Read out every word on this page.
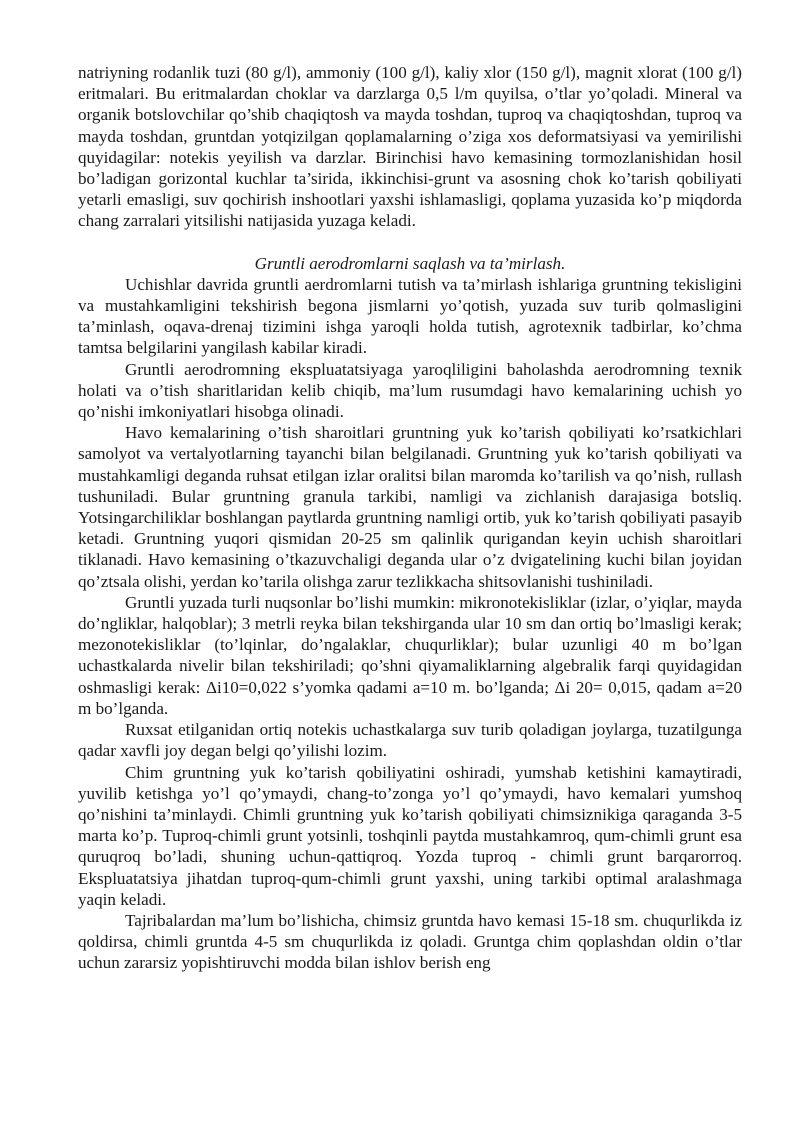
natriyning rodanlik tuzi (80 g/l), ammoniy (100 g/l), kaliy xlor (150 g/l), magnit xlorat (100 g/l) eritmalari. Bu eritmalardan choklar va darzlarga 0,5 l/m quyilsa, o’tlar yo’qoladi. Mineral va organik botslovchilar qo’shib chaqiqtosh va mayda toshdan, tuproq va chaqiqtoshdan, tuproq va mayda toshdan, gruntdan yotqizilgan qoplamalarning o’ziga xos deformatsiyasi va yemirilishi quyidagilar: notekis yeyilish va darzlar. Birinchisi havo kemasining tormozlanishidan hosil bo’ladigan gorizontal kuchlar ta’sirida, ikkinchisi-grunt va asosning chok ko’tarish qobiliyati yetarli emasligi, suv qochirish inshootlari yaxshi ishlamasligi, qoplama yuzasida ko’p miqdorda chang zarralari yitsilishi natijasida yuzaga keladi.

Gruntli aerodromlarni saqlash va ta’mirlash.

Uchishlar davrida gruntli aerdromlarni tutish va ta’mirlash ishlariga gruntning tekisligini va mustahkamligini tekshirish begona jismlarni yo’qotish, yuzada suv turib qolmasligini ta’minlash, oqava-drenaj tizimini ishga yaroqli holda tutish, agrotexnik tadbirlar, ko’chma tamtsa belgilarini yangilash kabilar kiradi.

Gruntli aerodromning ekspluatatsiyaga yaroqliligini baholashda aerodromning texnik holati va o’tish sharitlaridan kelib chiqib, ma’lum rusumdagi havo kemalarining uchish yo qo’nishi imkoniyatlari hisobga olinadi.

Havo kemalarining o’tish sharoitlari gruntning yuk ko’tarish qobiliyati ko’rsatkichlari samolyot va vertalyotlarning tayanchi bilan belgilanadi. Gruntning yuk ko’tarish qobiliyati va mustahkamligi deganda ruhsat etilgan izlar oralitsi bilan maromda ko’tarilish va qo’nish, rullash tushuniladi. Bular gruntning granula tarkibi, namligi va zichlanish darajasiga botsliq. Yotsingarchiliklar boshlangan paytlarda gruntning namligi ortib, yuk ko’tarish qobiliyati pasayib ketadi. Gruntning yuqori qismidan 20-25 sm qalinlik qurigandan keyin uchish sharoitlari tiklanadi. Havo kemasining o’tkazuvchaligi deganda ular o’z dvigatelining kuchi bilan joyidan qo’ztsala olishi, yerdan ko’tarila olishga zarur tezlikkacha shitsovlanishi tushiniladi.

Gruntli yuzada turli nuqsonlar bo’lishi mumkin: mikronotekisliklar (izlar, o’yiqlar, mayda do’ngliklar, halqoblar); 3 metrli reyka bilan tekshirganda ular 10 sm dan ortiq bo’lmasligi kerak; mezonotekisliklar (to’lqinlar, do’ngalaklar, chuqurliklar); bular uzunligi 40 m bo’lgan uchastkalarda nivelir bilan tekshiriladi; qo’shni qiyamaliklarning algebralik farqi quyidagidan oshmasligi kerak: Δi10=0,022 s’yomka qadami a=10 m. bo’lganda; Δi 20= 0,015, qadam a=20 m bo’lganda.

Ruxsat etilganidan ortiq notekis uchastkalarga suv turib qoladigan joylarga, tuzatilgunga qadar xavfli joy degan belgi qo’yilishi lozim.

Chim gruntning yuk ko’tarish qobiliyatini oshiradi, yumshab ketishini kamaytiradi, yuvilib ketishga yo’l qo’ymaydi, chang-to’zonga yo’l qo’ymaydi, havo kemalari yumshoq qo’nishini ta’minlaydi. Chimli gruntning yuk ko’tarish qobiliyati chimsiznikiga qaraganda 3-5 marta ko’p. Tuproq-chimli grunt yotsinli, toshqinli paytda mustahkamroq, qum-chimli grunt esa quruqroq bo’ladi, shuning uchun-qattiqroq. Yozda tuproq - chimli grunt barqarorroq. Ekspluatatsiya jihatdan tuproq-qum-chimli grunt yaxshi, uning tarkibi optimal aralashmaga yaqin keladi.

Tajribalardan ma’lum bo’lishicha, chimsiz gruntda havo kemasi 15-18 sm. chuqurlikda iz qoldirsa, chimli gruntda 4-5 sm chuqurlikda iz qoladi. Gruntga chim qoplashdan oldin o’tlar uchun zararsiz yopishtiruvchi modda bilan ishlov berish eng
